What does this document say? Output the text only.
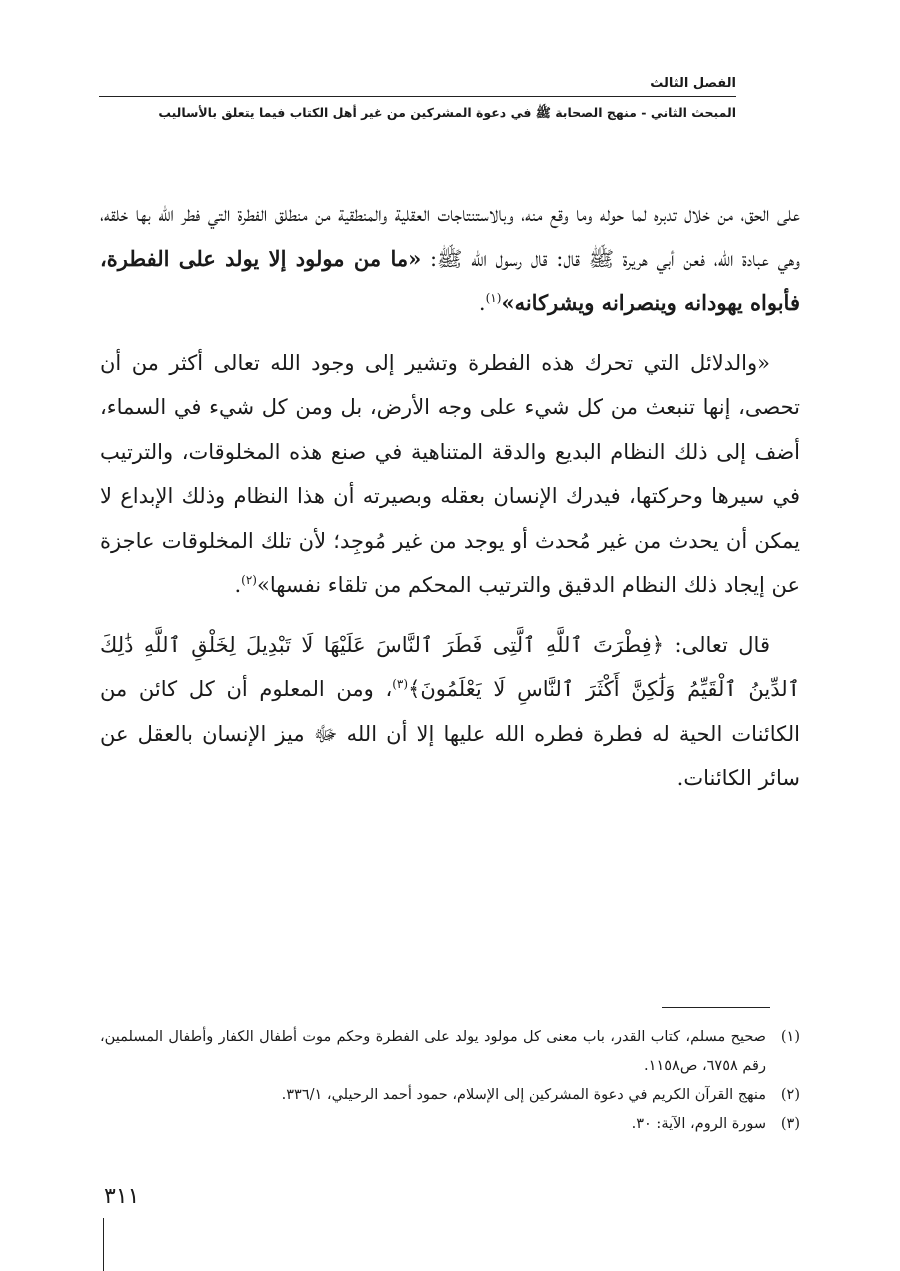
الفصل الثالث
المبحث الثاني - منهج الصحابة ﷺ في دعوة المشركين من غير أهل الكتاب فيما يتعلق بالأساليب

على الحق، من خلال تدبره لما حوله وما وقع منه، وبالاستنتاجات العقلية والمنطقية من منطلق الفطرة التي فطر الله بها خلقه، وهي عبادة الله، فعن أبي هريرة ﷺ قال: قال رسول الله ﷺ: «ما من مولود إلا يولد على الفطرة، فأبواه يهودانه وينصرانه ويشركانه»$^{(١)}$.

«والدلائل التي تحرك هذه الفطرة وتشير إلى وجود الله تعالى أكثر من أن تحصى، إنها تنبعث من كل شيء على وجه الأرض، بل ومن كل شيء في السماء، أضف إلى ذلك النظام البديع والدقة المتناهية في صنع هذه المخلوقات، والترتيب في سيرها وحركتها، فيدرك الإنسان بعقله وبصيرته أن هذا النظام وذلك الإبداع لا يمكن أن يحدث من غير مُحدث أو يوجد من غير مُوجِد؛ لأن تلك المخلوقات عاجزة عن إيجاد ذلك النظام الدقيق والترتيب المحكم من تلقاء نفسها»$^{(٢)}$.

قال تعالى: ﴿فِطْرَتَ ٱللَّهِ ٱلَّتِى فَطَرَ ٱلنَّاسَ عَلَيْهَا لَا تَبْدِيلَ لِخَلْقِ ٱللَّهِ ذَٰلِكَ ٱلدِّينُ ٱلْقَيِّمُ وَلَٰكِنَّ أَكْثَرَ ٱلنَّاسِ لَا يَعْلَمُونَ﴾$^{(٣)}$، ومن المعلوم أن كل كائن من الكائنات الحية له فطرة فطره الله عليها إلا أن الله ﷻ ميز الإنسان بالعقل عن سائر الكائنات.

(١)
صحيح مسلم، كتاب القدر، باب معنى كل مولود يولد على الفطرة وحكم موت أطفال الكفار وأطفال المسلمين، رقم ٦٧٥٨، ص١١٥٨.
(٢)
منهج القرآن الكريم في دعوة المشركين إلى الإسلام، حمود أحمد الرحيلي، ٣٣٦/١.
(٣)
سورة الروم، الآية: ٣٠.
٣١١
